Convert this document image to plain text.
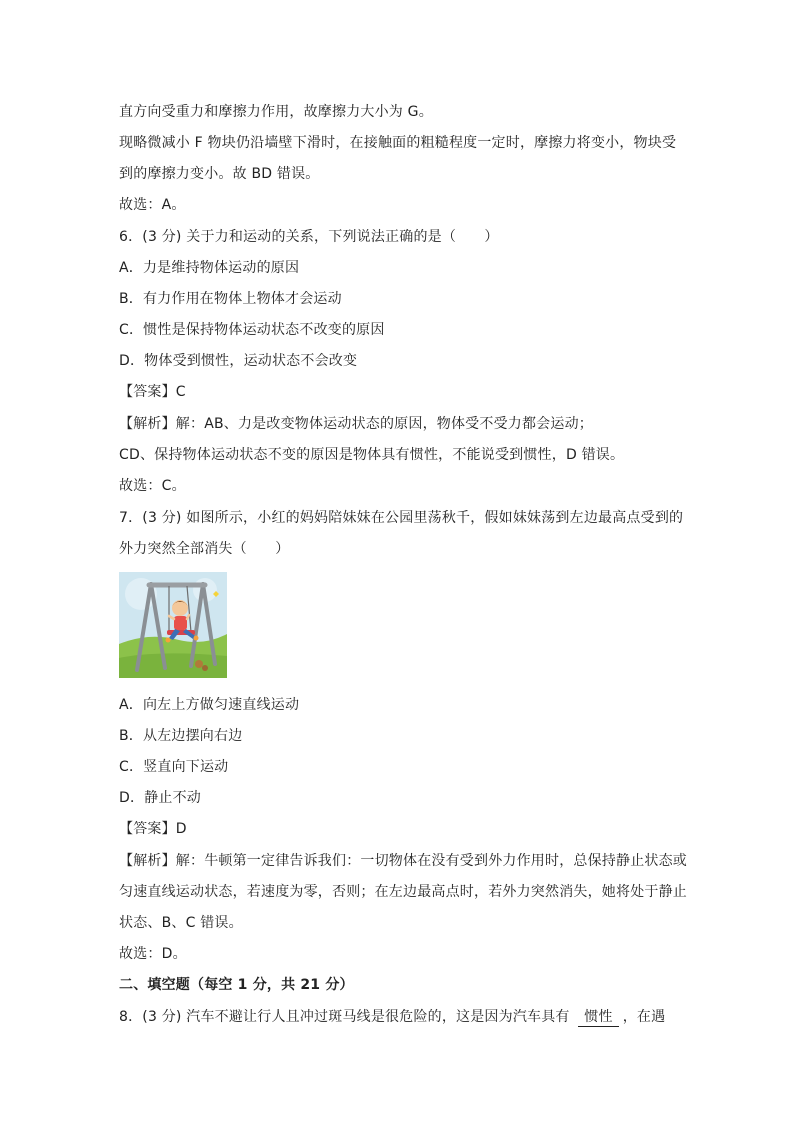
直方向受重力和摩擦力作用，故摩擦力大小为 G。
现略微减小 F 物块仍沿墙壁下滑时，在接触面的粗糙程度一定时，摩擦力将变小，物块受
到的摩擦力变小。故 BD 错误。
故选：A。
6．(3 分) 关于力和运动的关系，下列说法正确的是（　　）
A．力是维持物体运动的原因
B．有力作用在物体上物体才会运动
C．惯性是保持物体运动状态不改变的原因
D．物体受到惯性，运动状态不会改变
【答案】C
【解析】解：AB、力是改变物体运动状态的原因，物体受不受力都会运动；
CD、保持物体运动状态不变的原因是物体具有惯性，不能说受到惯性，D 错误。
故选：C。
7．(3 分) 如图所示，小红的妈妈陪妹妹在公园里荡秋千，假如妹妹荡到左边最高点受到的
外力突然全部消失（　　）
A．向左上方做匀速直线运动
B．从左边摆向右边
C．竖直向下运动
D．静止不动
【答案】D
【解析】解：牛顿第一定律告诉我们：一切物体在没有受到外力作用时，总保持静止状态或
匀速直线运动状态，若速度为零，否则；在左边最高点时，若外力突然消失，她将处于静止
状态、B、C 错误。
故选：D。
二、填空题（每空 1 分，共 21 分）
8．(3 分) 汽车不避让行人且冲过斑马线是很危险的，这是因为汽车具有 惯性 ，在遇
